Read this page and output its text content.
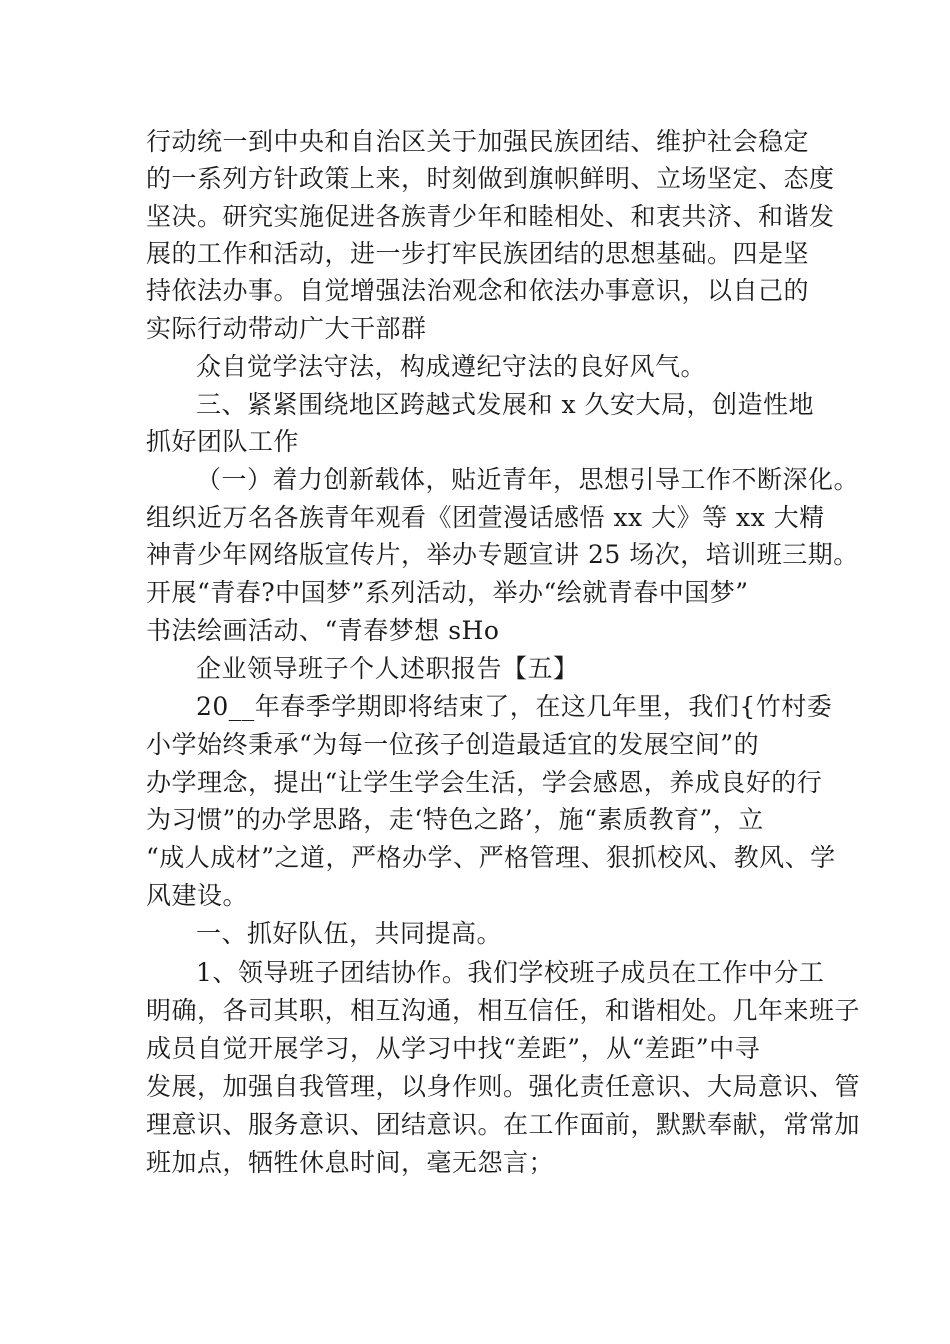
行动统一到中央和自治区关于加强民族团结、维护社会稳定
的一系列方针政策上来，时刻做到旗帜鲜明、立场坚定、态度
坚决。研究实施促进各族青少年和睦相处、和衷共济、和谐发
展的工作和活动，进一步打牢民族团结的思想基础。四是坚
持依法办事。自觉增强法治观念和依法办事意识，以自己的
实际行动带动广大干部群
众自觉学法守法，构成遵纪守法的良好风气。
三、紧紧围绕地区跨越式发展和 x 久安大局，创造性地
抓好团队工作
（一）着力创新载体，贴近青年，思想引导工作不断深化。
组织近万名各族青年观看《团萱漫话感悟 xx 大》等 xx 大精
神青少年网络版宣传片，举办专题宣讲 25 场次，培训班三期。
开展“青春?中国梦”系列活动，举办“绘就青春中国梦”
书法绘画活动、“青春梦想 sHo
企业领导班子个人述职报告【五】
20__年春季学期即将结束了，在这几年里，我们{竹村委
小学始终秉承“为每一位孩子创造最适宜的发展空间”的
办学理念，提出“让学生学会生活，学会感恩，养成良好的行
为习惯”的办学思路，走‘特色之路’，施“素质教育”，立
“成人成材”之道，严格办学、严格管理、狠抓校风、教风、学
风建设。
一、抓好队伍，共同提高。
1、领导班子团结协作。我们学校班子成员在工作中分工
明确，各司其职，相互沟通，相互信任，和谐相处。几年来班子
成员自觉开展学习，从学习中找“差距”，从“差距”中寻
发展，加强自我管理，以身作则。强化责任意识、大局意识、管
理意识、服务意识、团结意识。在工作面前，默默奉献，常常加
班加点，牺牲休息时间，毫无怨言；
